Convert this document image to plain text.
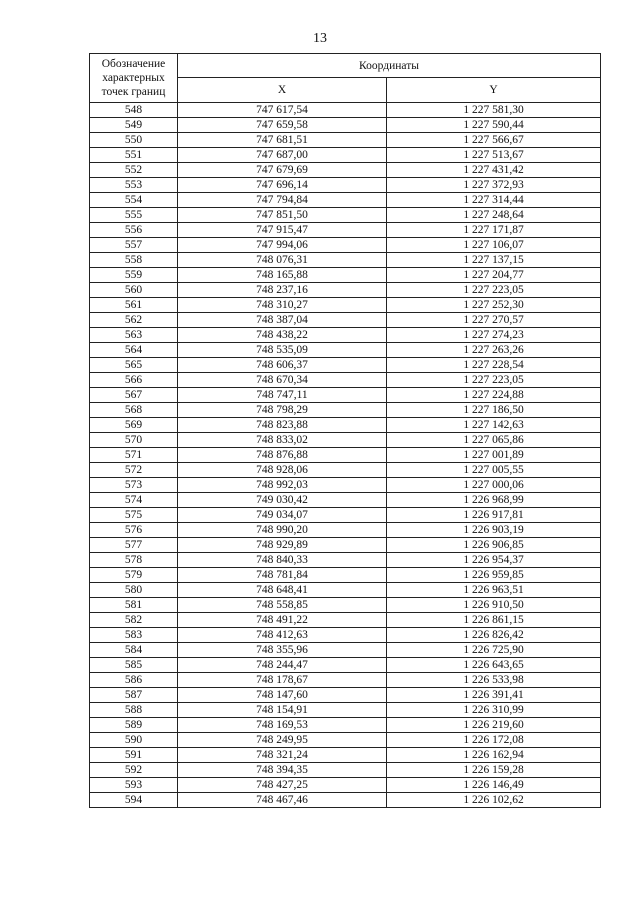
13
Обозначение характерных точек границ	Координаты	
	X	Y
548	747 617,54	1 227 581,30
549	747 659,58	1 227 590,44
550	747 681,51	1 227 566,67
551	747 687,00	1 227 513,67
552	747 679,69	1 227 431,42
553	747 696,14	1 227 372,93
554	747 794,84	1 227 314,44
555	747 851,50	1 227 248,64
556	747 915,47	1 227 171,87
557	747 994,06	1 227 106,07
558	748 076,31	1 227 137,15
559	748 165,88	1 227 204,77
560	748 237,16	1 227 223,05
561	748 310,27	1 227 252,30
562	748 387,04	1 227 270,57
563	748 438,22	1 227 274,23
564	748 535,09	1 227 263,26
565	748 606,37	1 227 228,54
566	748 670,34	1 227 223,05
567	748 747,11	1 227 224,88
568	748 798,29	1 227 186,50
569	748 823,88	1 227 142,63
570	748 833,02	1 227 065,86
571	748 876,88	1 227 001,89
572	748 928,06	1 227 005,55
573	748 992,03	1 227 000,06
574	749 030,42	1 226 968,99
575	749 034,07	1 226 917,81
576	748 990,20	1 226 903,19
577	748 929,89	1 226 906,85
578	748 840,33	1 226 954,37
579	748 781,84	1 226 959,85
580	748 648,41	1 226 963,51
581	748 558,85	1 226 910,50
582	748 491,22	1 226 861,15
583	748 412,63	1 226 826,42
584	748 355,96	1 226 725,90
585	748 244,47	1 226 643,65
586	748 178,67	1 226 533,98
587	748 147,60	1 226 391,41
588	748 154,91	1 226 310,99
589	748 169,53	1 226 219,60
590	748 249,95	1 226 172,08
591	748 321,24	1 226 162,94
592	748 394,35	1 226 159,28
593	748 427,25	1 226 146,49
594	748 467,46	1 226 102,62
